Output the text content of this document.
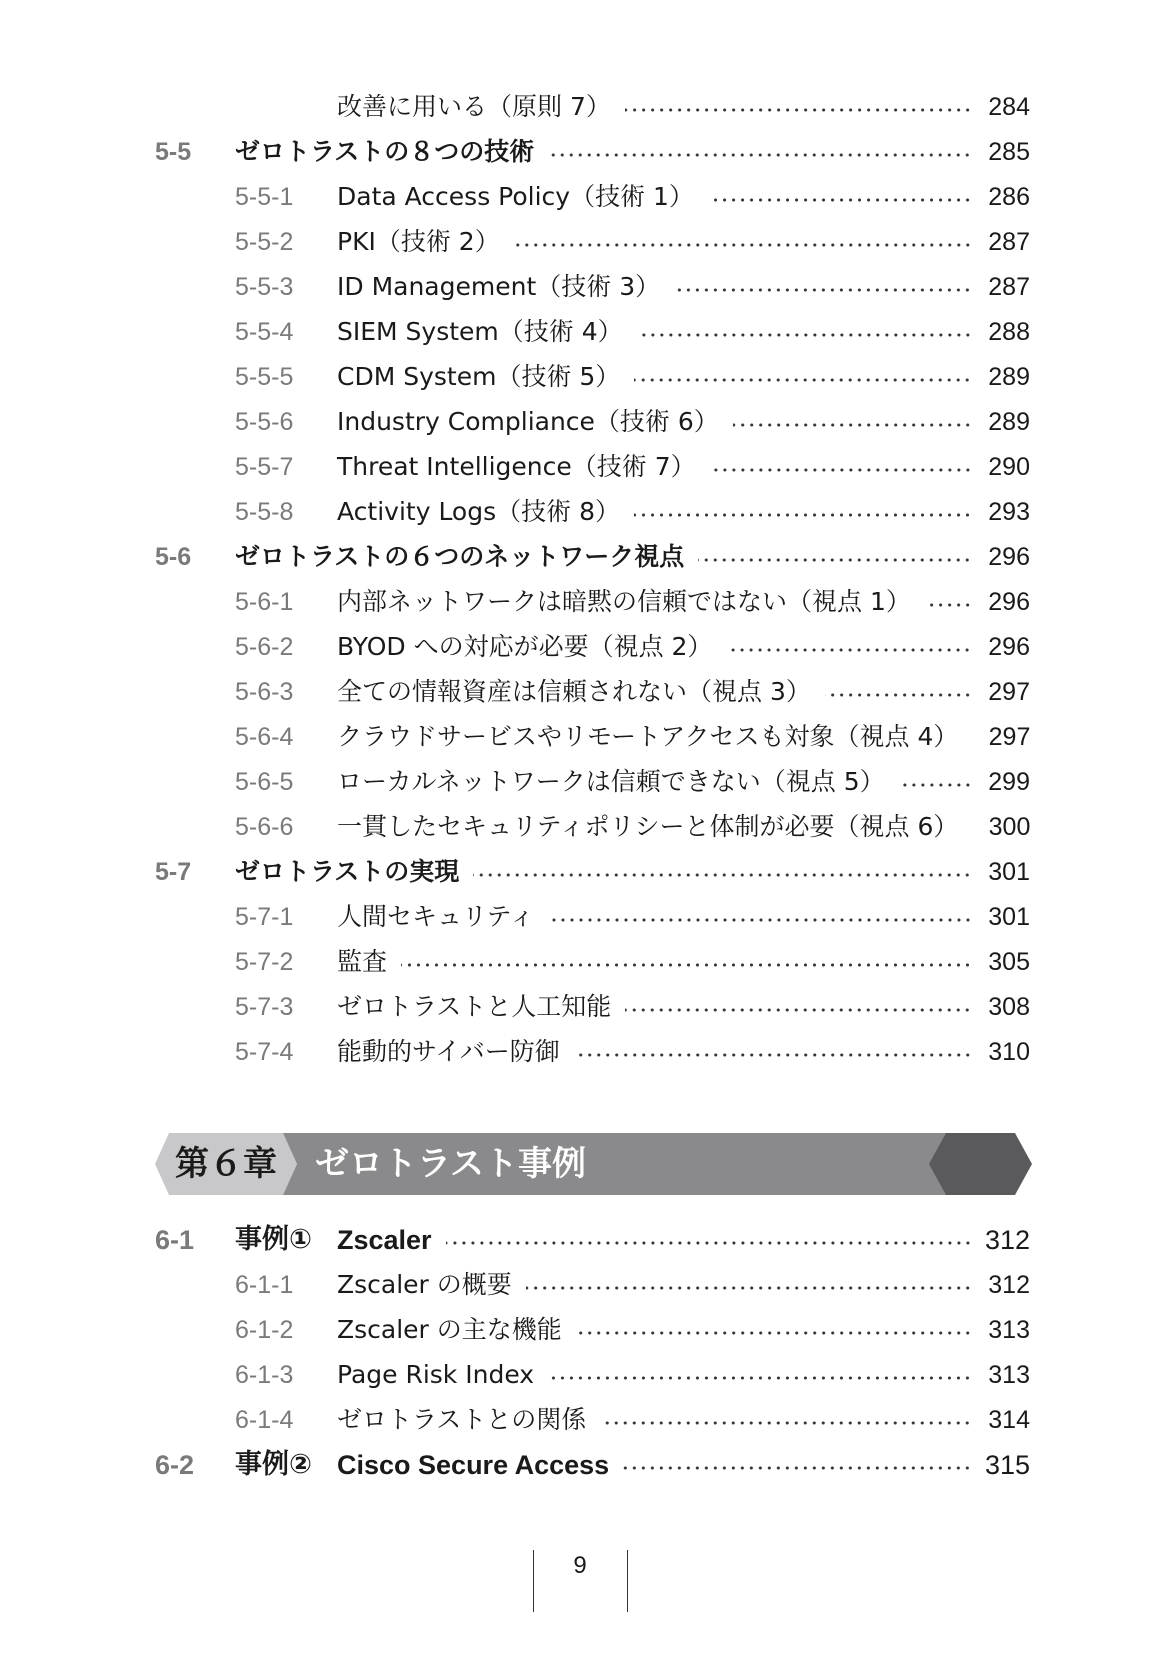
改善に用いる（原則 7）	284
5-5	ゼロトラストの８つの技術	285
5-5-1	Data Access Policy（技術 1）	286
5-5-2	PKI（技術 2）	287
5-5-3	ID Management（技術 3）	287
5-5-4	SIEM System（技術 4）	288
5-5-5	CDM System（技術 5）	289
5-5-6	Industry Compliance（技術 6）	289
5-5-7	Threat Intelligence（技術 7）	290
5-5-8	Activity Logs（技術 8）	293
5-6	ゼロトラストの６つのネットワーク視点	296
5-6-1	内部ネットワークは暗黙の信頼ではない（視点 1）	296
5-6-2	BYOD への対応が必要（視点 2）	296
5-6-3	全ての情報資産は信頼されない（視点 3）	297
5-6-4	クラウドサービスやリモートアクセスも対象（視点 4） 297
5-6-5	ローカルネットワークは信頼できない（視点 5）	299
5-6-6	一貫したセキュリティポリシーと体制が必要（視点 6） 300
5-7	ゼロトラストの実現	301
5-7-1	人間セキュリティ	301
5-7-2	監査	305
5-7-3	ゼロトラストと人工知能	308
5-7-4	能動的サイバー防御	310
第６章 ゼロトラスト事例
6-1	事例① Zscaler	312
6-1-1	Zscaler の概要	312
6-1-2	Zscaler の主な機能	313
6-1-3	Page Risk Index	313
6-1-4	ゼロトラストとの関係	314
6-2	事例② Cisco Secure Access	315
9
